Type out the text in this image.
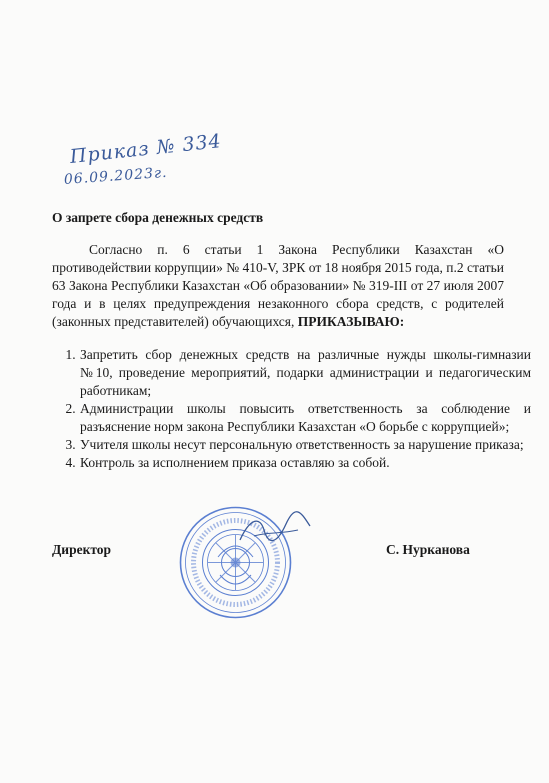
Приказ № 334
06.09.2023г.
О запрете сбора денежных средств

Согласно п. 6 статьи 1 Закона Республики Казахстан «О противодействии коррупции» № 410-V, ЗРК от 18 ноября 2015 года, п.2 статьи 63 Закона Республики Казахстан «Об образовании» № 319-III от 27 июля 2007 года и в целях предупреждения незаконного сбора средств, с родителей (законных представителей) обучающихся, ПРИКАЗЫВАЮ:

1. Запретить сбор денежных средств на различные нужды школы-гимназии №10, проведение мероприятий, подарки администрации и педагогическим работникам;
2. Администрации школы повысить ответственность за соблюдение и разъяснение норм закона Республики Казахстан «О борьбе с коррупцией»;
3. Учителя школы несут персональную ответственность за нарушение приказа;
4. Контроль за исполнением приказа оставляю за собой.
Директор	С. Нурканова
